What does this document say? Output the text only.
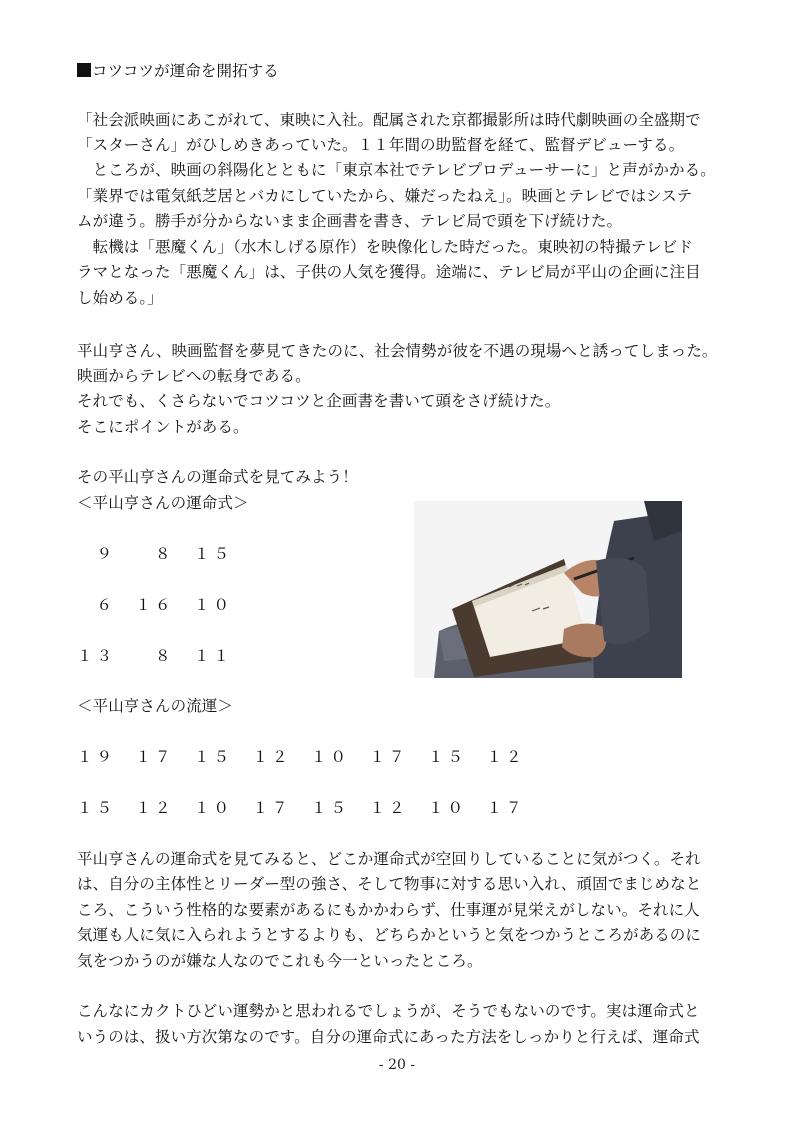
コツコツが運命を開拓する
「社会派映画にあこがれて、東映に入社。配属された京都撮影所は時代劇映画の全盛期で
「スターさん」がひしめきあっていた。１１年間の助監督を経て、監督デビューする。
　ところが、映画の斜陽化とともに「東京本社でテレビプロデューサーに」と声がかかる。
「業界では電気紙芝居とバカにしていたから、嫌だったねえ」。映画とテレビではシステ
ムが違う。勝手が分からないまま企画書を書き、テレビ局で頭を下げ続けた。
　転機は「悪魔くん」（水木しげる原作）を映像化した時だった。東映初の特撮テレビド
ラマとなった「悪魔くん」は、子供の人気を獲得。途端に、テレビ局が平山の企画に注目
し始める。」
平山亨さん、映画監督を夢見てきたのに、社会情勢が彼を不遇の現場へと誘ってしまった。
映画からテレビへの転身である。
それでも、くさらないでコツコツと企画書を書いて頭をさげ続けた。
そこにポイントがある。
その平山亨さんの運命式を見てみよう！
＜平山亨さんの運命式＞
　９　　８　１５
　６　１６　１０
１３　　８　１１
＜平山亨さんの流運＞
１９　１７　１５　１２　１０　１７　１５　１２
１５　１２　１０　１７　１５　１２　１０　１７
平山亨さんの運命式を見てみると、どこか運命式が空回りしていることに気がつく。それ
は、自分の主体性とリーダー型の強さ、そして物事に対する思い入れ、頑固でまじめなと
ころ、こういう性格的な要素があるにもかかわらず、仕事運が見栄えがしない。それに人
気運も人に気に入られようとするよりも、どちらかというと気をつかうところがあるのに
気をつかうのが嫌な人なのでこれも今一といったところ。
こんなにカクトひどい運勢かと思われるでしょうが、そうでもないのです。実は運命式と
いうのは、扱い方次第なのです。自分の運命式にあった方法をしっかりと行えば、運命式
- 20 -
